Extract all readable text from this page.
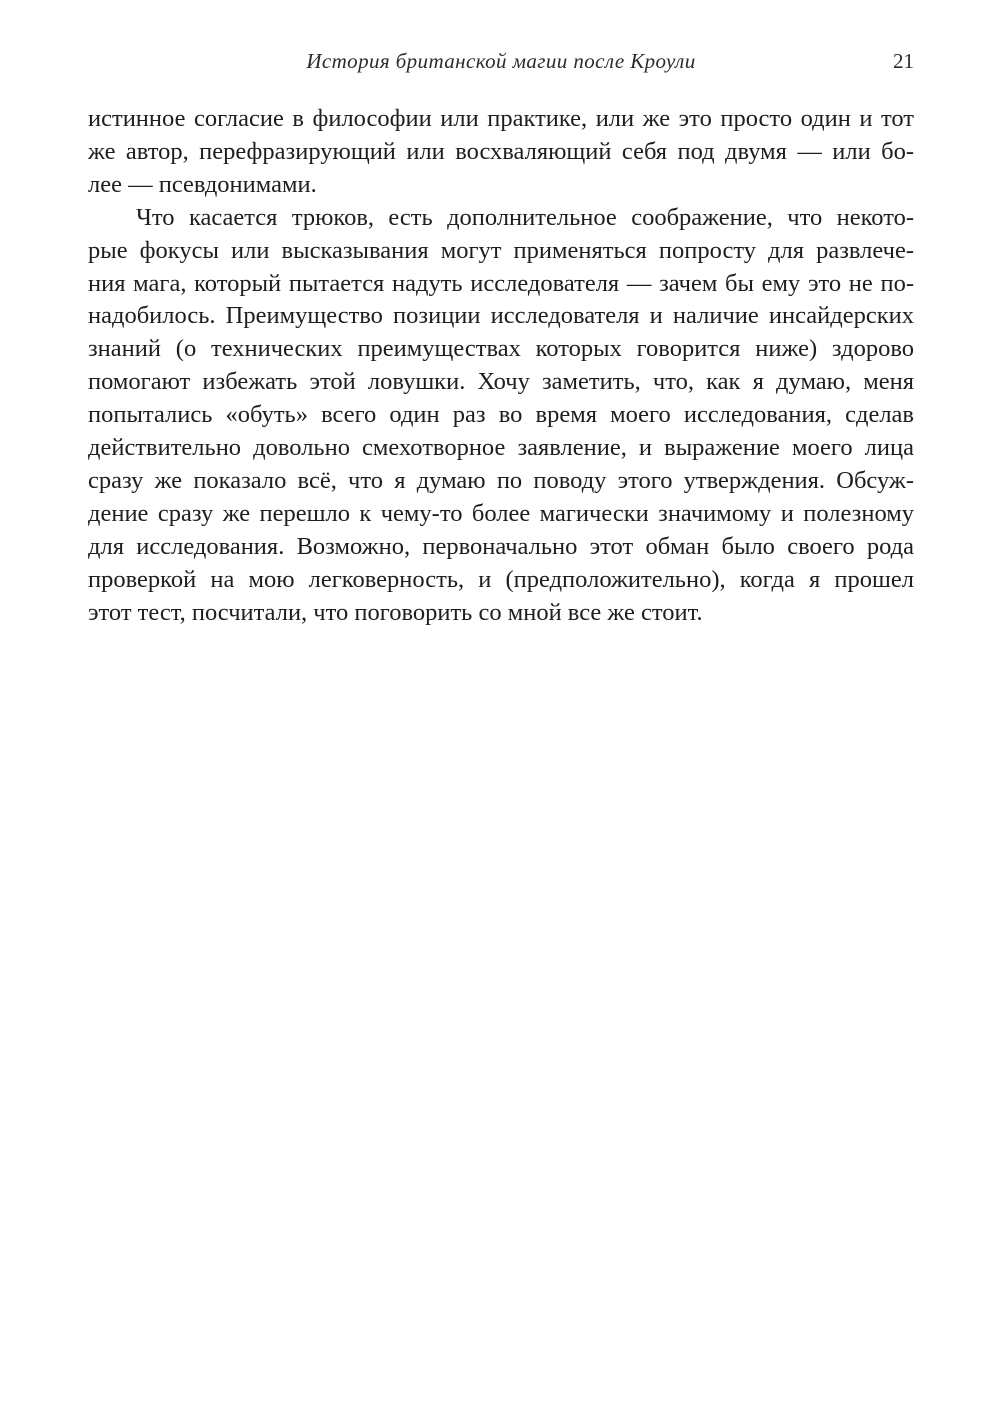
История британской магии после Кроули	21
истинное согласие в философии или практике, или же это просто один и тот
же автор, перефразирующий или восхваляющий себя под двумя — или бо-
лее — псевдонимами.
Что касается трюков, есть дополнительное соображение, что некото-
рые фокусы или высказывания могут применяться попросту для развлече-
ния мага, который пытается надуть исследователя — зачем бы ему это не по-
надобилось. Преимущество позиции исследователя и наличие инсайдерских
знаний (о технических преимуществах которых говорится ниже) здорово
помогают избежать этой ловушки. Хочу заметить, что, как я думаю, меня
попытались «обуть» всего один раз во время моего исследования, сделав
действительно довольно смехотворное заявление, и выражение моего лица
сразу же показало всё, что я думаю по поводу этого утверждения. Обсуж-
дение сразу же перешло к чему-то более магически значимому и полезному
для исследования. Возможно, первоначально этот обман было своего рода
проверкой на мою легковерность, и (предположительно), когда я прошел
этот тест, посчитали, что поговорить со мной все же стоит.
